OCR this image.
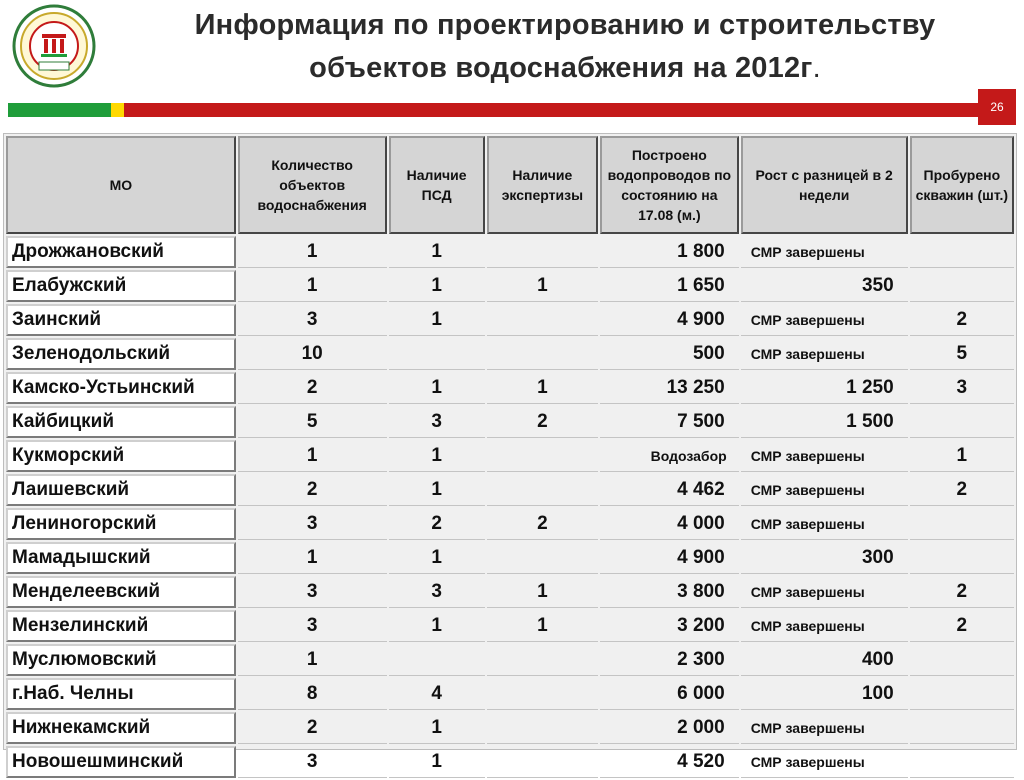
Информация по проектированию и строительству
объектов водоснабжения на 2012г.
26
МО	Количество объектов водоснабжения	Наличие ПСД	Наличие экспертизы	Построено водопроводов по состоянию на 17.08 (м.)	Рост с разницей в 2 недели	Пробурено скважин (шт.)
Дрожжановский	1	1		1 800	СМР завершены	
Елабужский	1	1	1	1 650	350	
Заинский	3	1		4 900	СМР завершены	2
Зеленодольский	10			500	СМР завершены	5
Камско-Устьинский	2	1	1	13 250	1 250	3
Кайбицкий	5	3	2	7 500	1 500	
Кукморский	1	1		Водозабор	СМР завершены	1
Лаишевский	2	1		4 462	СМР завершены	2
Лениногорский	3	2	2	4 000	СМР завершены	
Мамадышский	1	1		4 900	300	
Менделеевский	3	3	1	3 800	СМР завершены	2
Мензелинский	3	1	1	3 200	СМР завершены	2
Муслюмовский	1			2 300	400	
г.Наб. Челны	8	4		6 000	100	
Нижнекамский	2	1		2 000	СМР завершены	
Новошешминский	3	1		4 520	СМР завершены	
